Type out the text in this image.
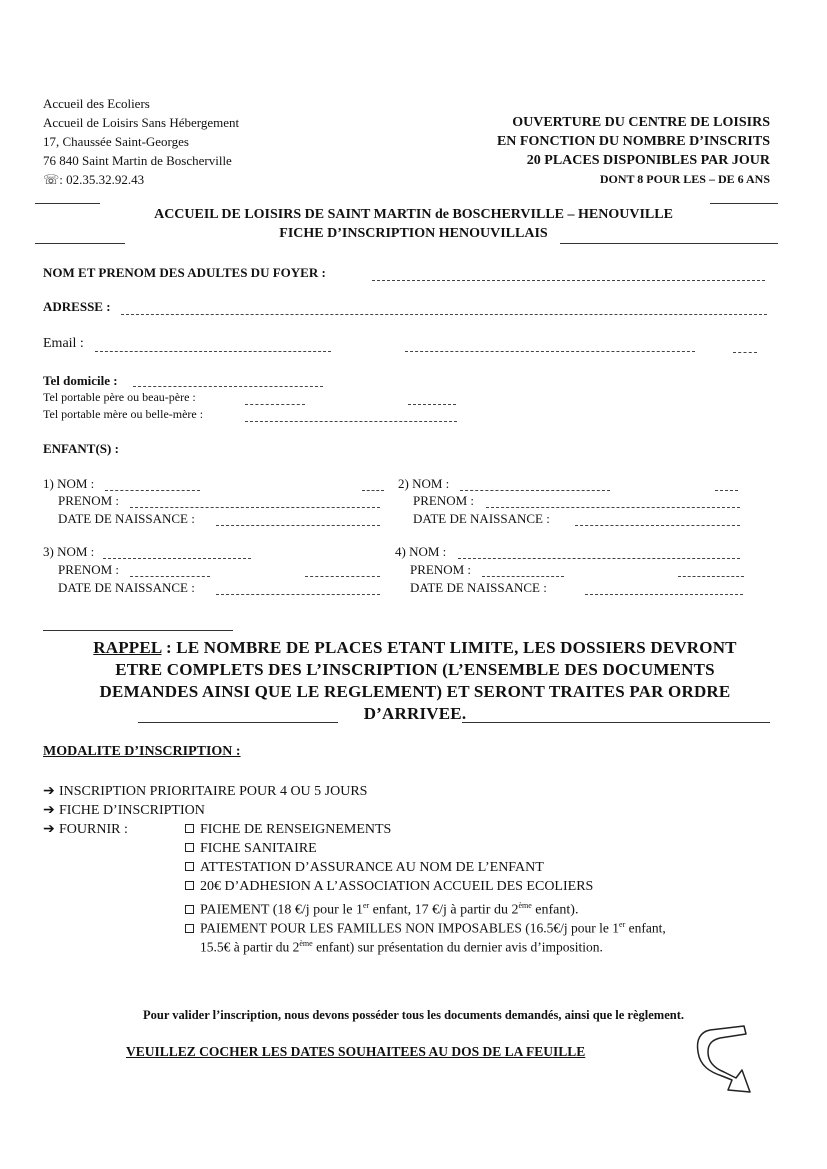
Accueil des Ecoliers
Accueil de Loisirs Sans Hébergement
17, Chaussée Saint-Georges
76 840 Saint Martin de Boscherville
☏: 02.35.32.92.43
OUVERTURE DU CENTRE DE LOISIRS
EN FONCTION DU NOMBRE D’INSCRITS
20 PLACES DISPONIBLES PAR JOUR
DONT 8 POUR LES – DE 6 ANS
ACCUEIL DE LOISIRS DE SAINT MARTIN de BOSCHERVILLE – HENOUVILLE
FICHE D’INSCRIPTION HENOUVILLAIS
NOM ET PRENOM DES ADULTES DU FOYER :
ADRESSE :
Email :
Tel domicile :
Tel portable père ou beau-père :
Tel portable mère ou belle-mère :
ENFANT(S) :
1) NOM :
PRENOM :
DATE DE NAISSANCE :
2) NOM :
PRENOM :
DATE DE NAISSANCE :
3) NOM :
PRENOM :
DATE DE NAISSANCE :
4) NOM :
PRENOM :
DATE DE NAISSANCE :
RAPPEL : LE NOMBRE DE PLACES ETANT LIMITE, LES DOSSIERS DEVRONT
ETRE COMPLETS DES L’INSCRIPTION (L’ENSEMBLE DES DOCUMENTS
DEMANDES AINSI QUE LE REGLEMENT) ET SERONT TRAITES PAR ORDRE
D’ARRIVEE.
MODALITE D’INSCRIPTION :
➔ INSCRIPTION PRIORITAIRE POUR 4 OU 5 JOURS
➔ FICHE D’INSCRIPTION
➔ FOURNIR :	FICHE DE RENSEIGNEMENTS
FICHE SANITAIRE
ATTESTATION D’ASSURANCE AU NOM DE L’ENFANT
20€ D’ADHESION A L’ASSOCIATION ACCUEIL DES ECOLIERS
PAIEMENT (18 €/j pour le 1er enfant, 17 €/j à partir du 2ème enfant).
PAIEMENT POUR LES FAMILLES NON IMPOSABLES (16.5€/j pour le 1er enfant,
15.5€ à partir du 2ème enfant) sur présentation du dernier avis d’imposition.
Pour valider l’inscription, nous devons posséder tous les documents demandés, ainsi que le règlement.
VEUILLEZ COCHER LES DATES SOUHAITEES AU DOS DE LA FEUILLE
